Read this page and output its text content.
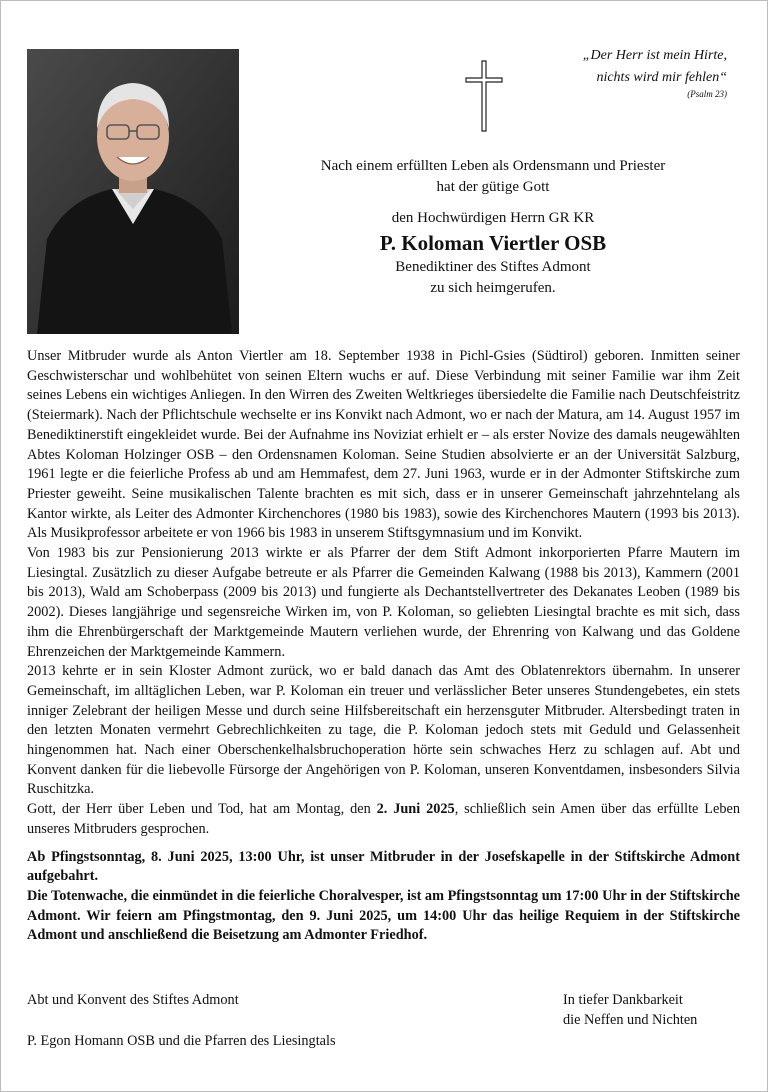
„Der Herr ist mein Hirte,
nichts wird mir fehlen“
(Psalm 23)
Nach einem erfüllten Leben als Ordensmann und Priester
hat der gütige Gott
den Hochwürdigen Herrn GR KR
P. Koloman Viertler OSB
Benediktiner des Stiftes Admont
zu sich heimgerufen.

Unser Mitbruder wurde als Anton Viertler am 18. September 1938 in Pichl-Gsies (Südtirol) geboren. Inmitten seiner Geschwisterschar und wohlbehütet von seinen Eltern wuchs er auf. Diese Verbindung mit seiner Familie war ihm Zeit seines Lebens ein wichtiges Anliegen. In den Wirren des Zweiten Weltkrieges übersiedelte die Familie nach Deutschfeistritz (Steiermark). Nach der Pflichtschule wechselte er ins Konvikt nach Admont, wo er nach der Matura, am 14. August 1957 im Benediktinerstift eingekleidet wurde. Bei der Aufnahme ins Noviziat erhielt er – als erster Novize des damals neugewählten Abtes Koloman Holzinger OSB – den Ordensnamen Koloman. Seine Studien absolvierte er an der Universität Salzburg, 1961 legte er die feierliche Profess ab und am Hemmafest, dem 27. Juni 1963, wurde er in der Admonter Stiftskirche zum Priester geweiht. Seine musikalischen Talente brachten es mit sich, dass er in unserer Gemeinschaft jahrzehntelang als Kantor wirkte, als Leiter des Admonter Kirchenchores (1980 bis 1983), sowie des Kirchenchores Mautern (1993 bis 2013). Als Musikprofessor arbeitete er von 1966 bis 1983 in unserem Stiftsgymnasium und im Konvikt.

Von 1983 bis zur Pensionierung 2013 wirkte er als Pfarrer der dem Stift Admont inkorporierten Pfarre Mautern im Liesingtal. Zusätzlich zu dieser Aufgabe betreute er als Pfarrer die Gemeinden Kalwang (1988 bis 2013), Kammern (2001 bis 2013), Wald am Schoberpass (2009 bis 2013) und fungierte als Dechantstellvertreter des Dekanates Leoben (1989 bis 2002). Dieses langjährige und segensreiche Wirken im, von P. Koloman, so geliebten Liesingtal brachte es mit sich, dass ihm die Ehrenbürgerschaft der Marktgemeinde Mautern verliehen wurde, der Ehrenring von Kalwang und das Goldene Ehrenzeichen der Marktgemeinde Kammern.

2013 kehrte er in sein Kloster Admont zurück, wo er bald danach das Amt des Oblatenrektors übernahm. In unserer Gemeinschaft, im alltäglichen Leben, war P. Koloman ein treuer und verlässlicher Beter unseres Stundengebetes, ein stets inniger Zelebrant der heiligen Messe und durch seine Hilfsbereitschaft ein herzensguter Mitbruder. Altersbedingt traten in den letzten Monaten vermehrt Gebrechlichkeiten zu tage, die P. Koloman jedoch stets mit Geduld und Gelassenheit hingenommen hat. Nach einer Oberschenkelhalsbruchoperation hörte sein schwaches Herz zu schlagen auf. Abt und Konvent danken für die liebevolle Fürsorge der Angehörigen von P. Koloman, unseren Konventdamen, insbesonders Silvia Ruschitzka.

Gott, der Herr über Leben und Tod, hat am Montag, den 2. Juni 2025, schließlich sein Amen über das erfüllte Leben unseres Mitbruders gesprochen.

Ab Pfingstsonntag, 8. Juni 2025, 13:00 Uhr, ist unser Mitbruder in der Josefskapelle in der Stiftskirche Admont aufgebahrt.

Die Totenwache, die einmündet in die feierliche Choralvesper, ist am Pfingstsonntag um 17:00 Uhr in der Stiftskirche Admont. Wir feiern am Pfingstmontag, den 9. Juni 2025, um 14:00 Uhr das heilige Requiem in der Stiftskirche Admont und anschließend die Beisetzung am Admonter Friedhof.

Abt und Konvent des Stiftes Admont
P. Egon Homann OSB und die Pfarren des Liesingtals
In tiefer Dankbarkeit
die Neffen und Nichten
